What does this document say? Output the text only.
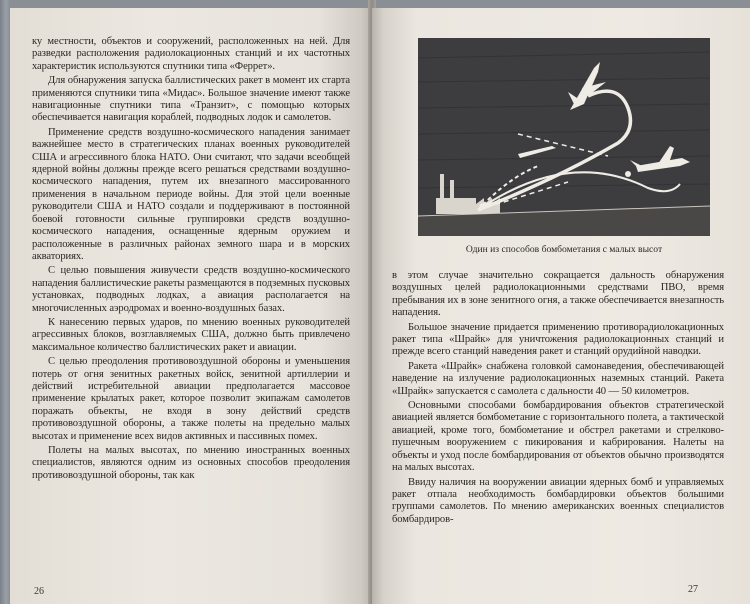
ку местности, объектов и сооружений, расположенных на ней. Для разведки расположения радиолокационных станций и их частотных характеристик используются спутники типа «Феррет».

Для обнаружения запуска баллистических ракет в момент их старта применяются спутники типа «Мидас». Большое значение имеют также навигационные спутники типа «Транзит», с помощью которых обеспечивается навигация кораблей, подводных лодок и самолетов.

Применение средств воздушно-космического нападения занимает важнейшее место в стратегических планах военных руководителей США и агрессивного блока НАТО. Они считают, что задачи всеобщей ядерной войны должны прежде всего решаться средствами воздушно-космического нападения, путем их внезапного массированного применения в начальном периоде войны. Для этой цели военные руководители США и НАТО создали и поддерживают в постоянной боевой готовности сильные группировки средств воздушно-космического нападения, оснащенные ядерным оружием и расположенные в различных районах земного шара и в морских акваториях.

С целью повышения живучести средств воздушно-космического нападения баллистические ракеты размещаются в подземных пусковых установках, подводных лодках, а авиация располагается на многочисленных аэродромах и военно-воздушных базах.

К нанесению первых ударов, по мнению военных руководителей агрессивных блоков, возглавляемых США, должно быть привлечено максимальное количество баллистических ракет и авиации.

С целью преодоления противовоздушной обороны и уменьшения потерь от огня зенитных ракетных войск, зенитной артиллерии и действий истребительной авиации предполагается массовое применение крылатых ракет, которое позволит экипажам самолетов поражать объекты, не входя в зону действий средств противовоздушной обороны, а также полеты на предельно малых высотах и применение всех видов активных и пассивных помех.

Полеты на малых высотах, по мнению иностранных военных специалистов, являются одним из основных способов преодоления противовоздушной обороны, так как

26
Один из способов бомбометания с малых высот

в этом случае значительно сокращается дальность обнаружения воздушных целей радиолокационными средствами ПВО, время пребывания их в зоне зенитного огня, а также обеспечивается внезапность нападения.

Большое значение придается применению противорадиолокационных ракет типа «Шрайк» для уничтожения радиолокационных станций и прежде всего станций наведения ракет и станций орудийной наводки.

Ракета «Шрайк» снабжена головкой самонаведения, обеспечивающей наведение на излучение радиолокационных наземных станций. Ракета «Шрайк» запускается с самолета с дальности 40 — 50 километров.

Основными способами бомбардирования объектов стратегической авиацией является бомбометание с горизонтального полета, а тактической авиацией, кроме того, бомбометание и обстрел ракетами и стрелково-пушечным вооружением с пикирования и кабрирования. Налеты на объекты и уход после бомбардирования от объектов обычно производятся на малых высотах.

Ввиду наличия на вооружении авиации ядерных бомб и управляемых ракет отпала необходимость бомбардировки объектов большими группами самолетов. По мнению американских военных специалистов бомбардиров-

27
